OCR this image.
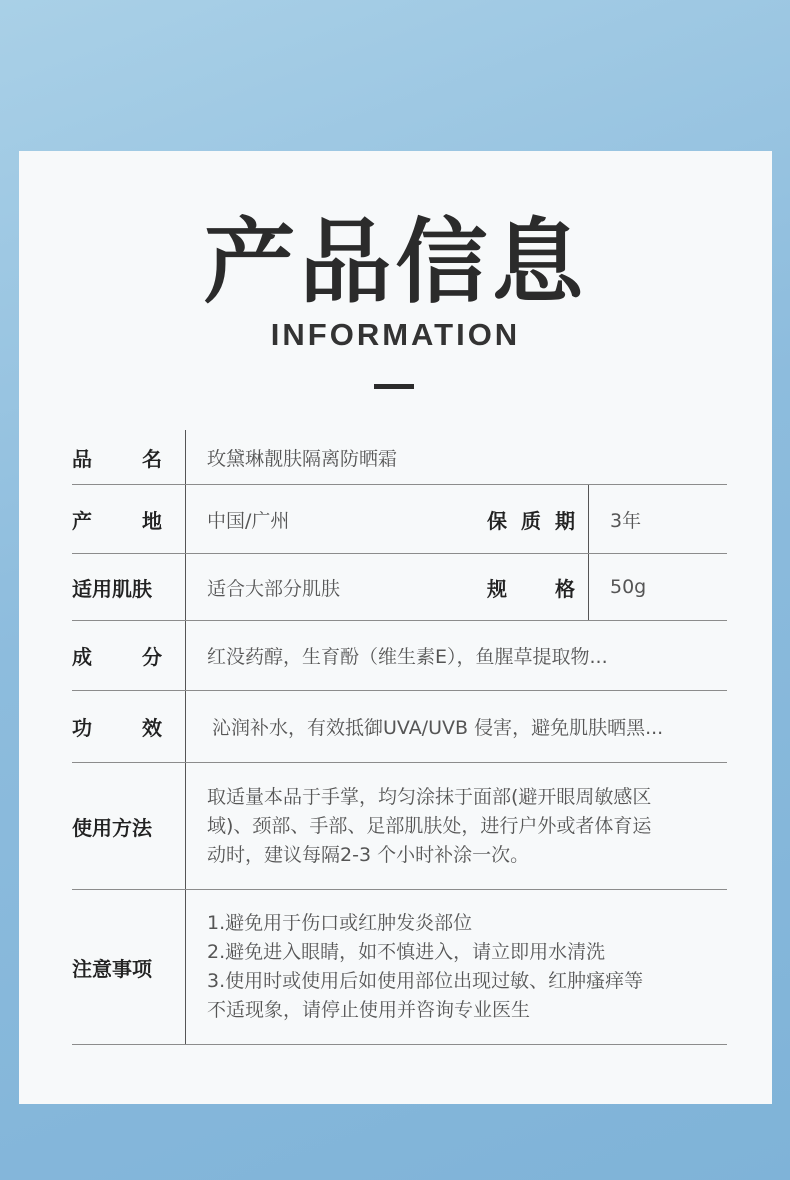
产品信息
INFORMATION
品	名 玫黛琳靓肤隔离防晒霜
产	地 中国/广州	保 质 期 3年
适用肌肤	适合大部分肌肤	规 格 50g
成	分 红没药醇，生育酚（维生素E），鱼腥草提取物...
功	效	沁润补水，有效抵御UVA/UVB 侵害，避免肌肤晒黑...
使用方法
取适量本品于手掌，均匀涂抹于面部(避开眼周敏感区
域)、颈部、手部、足部肌肤处，进行户外或者体育运
动时，建议每隔2-3 个小时补涂一次。
注意事项
1.避免用于伤口或红肿发炎部位
2.避免进入眼睛，如不慎进入，请立即用水清洗
3.使用时或使用后如使用部位出现过敏、红肿瘙痒等
不适现象，请停止使用并咨询专业医生
